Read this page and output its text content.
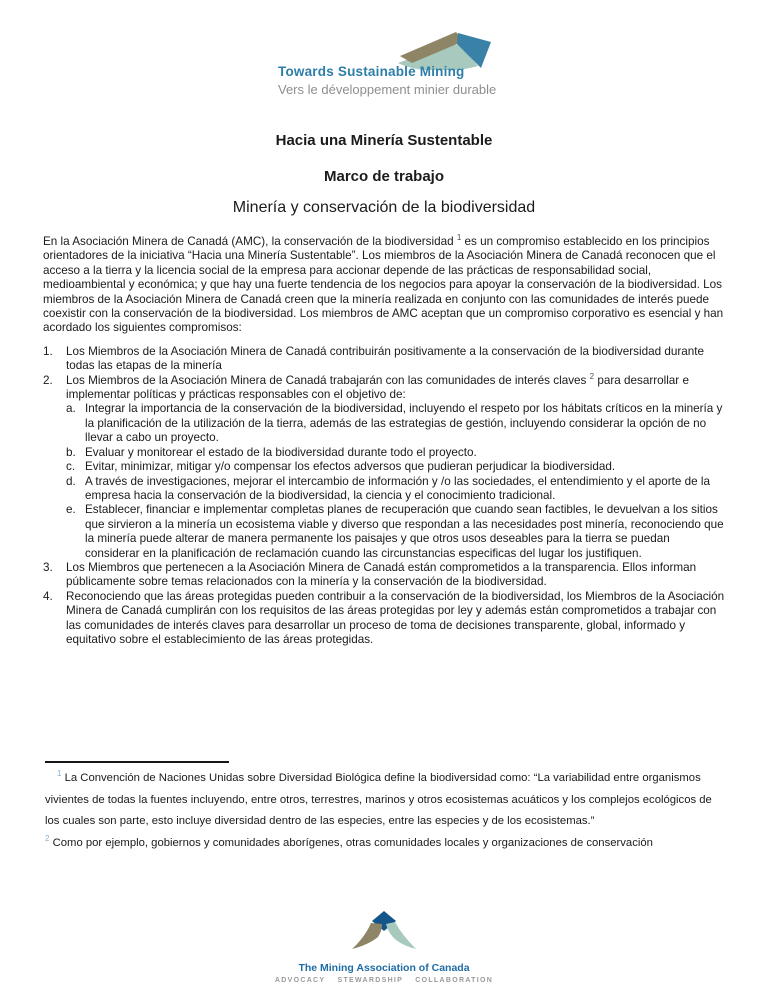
Towards Sustainable Mining
Vers le développement minier durable
Hacia una Minería Sustentable
Marco de trabajo
Minería y conservación de la biodiversidad

En la Asociación Minera de Canadá (AMC), la conservación de la biodiversidad $^1$ es un compromiso establecido en los principios orientadores de la iniciativa “Hacia una Minería Sustentable”. Los miembros de la Asociación Minera de Canadá reconocen que el acceso a la tierra y la licencia social de la empresa para accionar depende de las prácticas de responsabilidad social, medioambiental y económica; y que hay una fuerte tendencia de los negocios para apoyar la conservación de la biodiversidad. Los miembros de la Asociación Minera de Canadá creen que la minería realizada en conjunto con las comunidades de interés puede coexistir con la conservación de la biodiversidad. Los miembros de AMC aceptan que un compromiso corporativo es esencial y han acordado los siguientes compromisos:

1.	Los Miembros de la Asociación Minera de Canadá contribuirán positivamente a la conservación de la biodiversidad durante todas las etapas de la minería
2.	Los Miembros de la Asociación Minera de Canadá trabajarán con las comunidades de interés claves $^2$ para desarrollar e implementar políticas y prácticas responsables con el objetivo de:
a. Integrar la importancia de la conservación de la biodiversidad, incluyendo el respeto por los hábitats críticos en la minería y la planificación de la utilización de la tierra, además de las estrategias de gestión, incluyendo considerar la opción de no llevar a cabo un proyecto.
b. Evaluar y monitorear el estado de la biodiversidad durante todo el proyecto.
c. Evitar, minimizar, mitigar y/o compensar los efectos adversos que pudieran perjudicar la biodiversidad.
d. A través de investigaciones, mejorar el intercambio de información y /o las sociedades, el entendimiento y el aporte de la empresa hacia la conservación de la biodiversidad, la ciencia y el conocimiento tradicional.
e. Establecer, financiar e implementar completas planes de recuperación que cuando sean factibles, le devuelvan a los sitios que sirvieron a la minería un ecosistema viable y diverso que respondan a las necesidades post minería, reconociendo que la minería puede alterar de manera permanente los paisajes y que otros usos deseables para la tierra se puedan considerar en la planificación de reclamación cuando las circunstancias especificas del lugar los justifiquen.
3.	Los Miembros que pertenecen a la Asociación Minera de Canadá están comprometidos a la transparencia. Ellos informan públicamente sobre temas relacionados con la minería y la conservación de la biodiversidad.
4.	Reconociendo que las áreas protegidas pueden contribuir a la conservación de la biodiversidad, los Miembros de la Asociación Minera de Canadá cumplirán con los requisitos de las áreas protegidas por ley y además están comprometidos a trabajar con las comunidades de interés claves para desarrollar un proceso de toma de decisiones transparente, global, informado y equitativo sobre el establecimiento de las áreas protegidas.

$^1$ La Convención de Naciones Unidas sobre Diversidad Biológica define la biodiversidad como: “La variabilidad entre organismos vivientes de todas la fuentes incluyendo, entre otros, terrestres, marinos y otros ecosistemas acuáticos y los complejos ecológicos de los cuales son parte, esto incluye diversidad dentro de las especies, entre las especies y de los ecosistemas.”

$^2$ Como por ejemplo, gobiernos y comunidades aborígenes, otras comunidades locales y organizaciones de conservación

The Mining Association of Canada
ADVOCACY STEWARDSHIP COLLABORATION
